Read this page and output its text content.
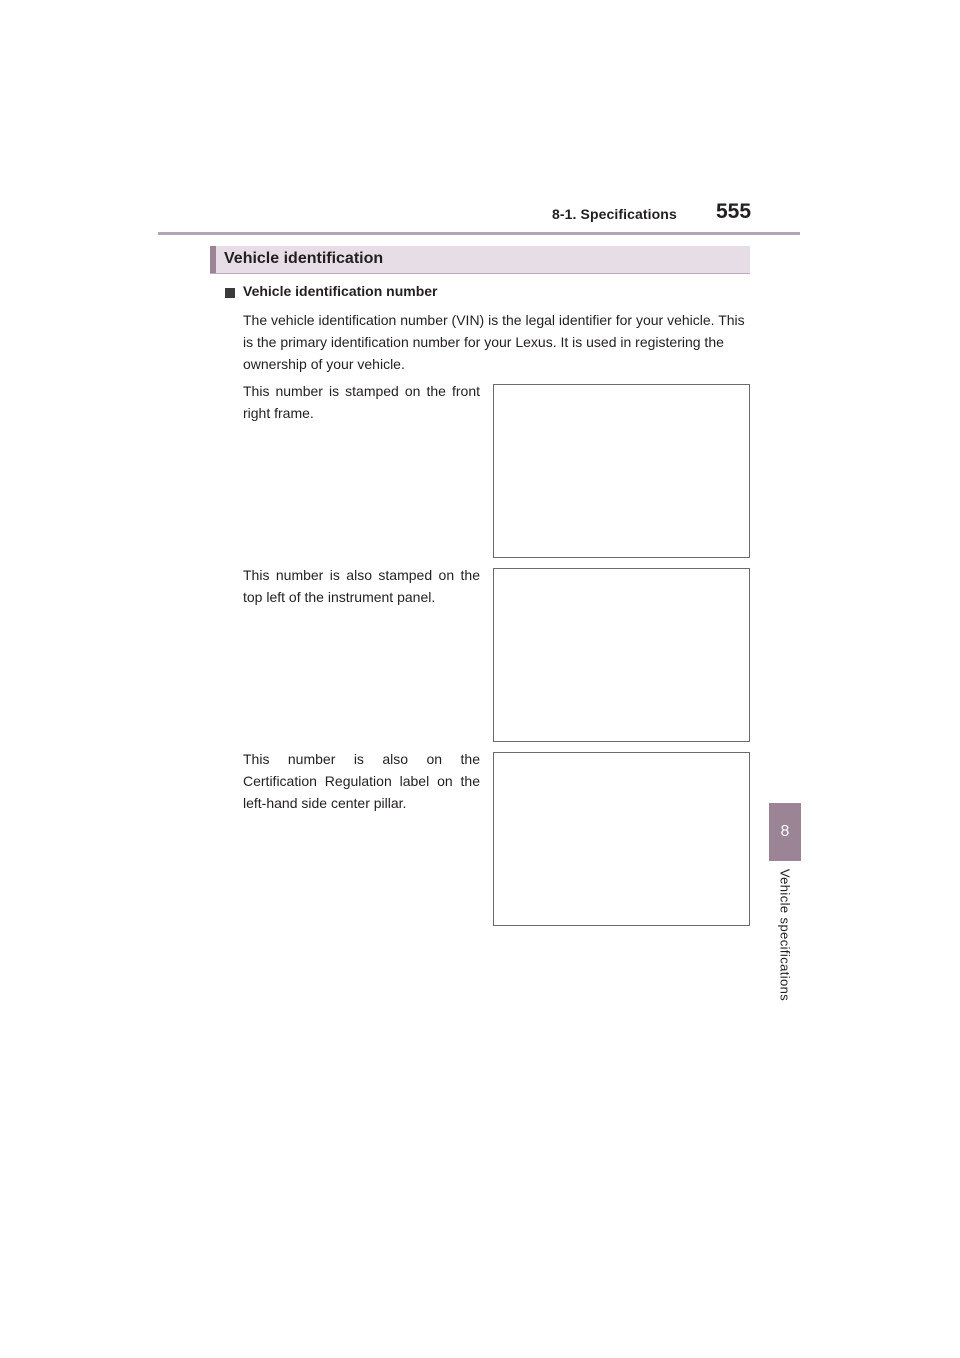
8-1. Specifications 555
8
Vehicle specifications
Vehicle identification
Vehicle identification number
The vehicle identification number (VIN) is the legal identifier for your vehicle. This is the primary identification number for your Lexus. It is used in registering the ownership of your vehicle.
This number is stamped on the front right frame.
This number is also stamped on the top left of the instrument panel.
This number is also on the Certification Regulation label on the left-hand side center pillar.
